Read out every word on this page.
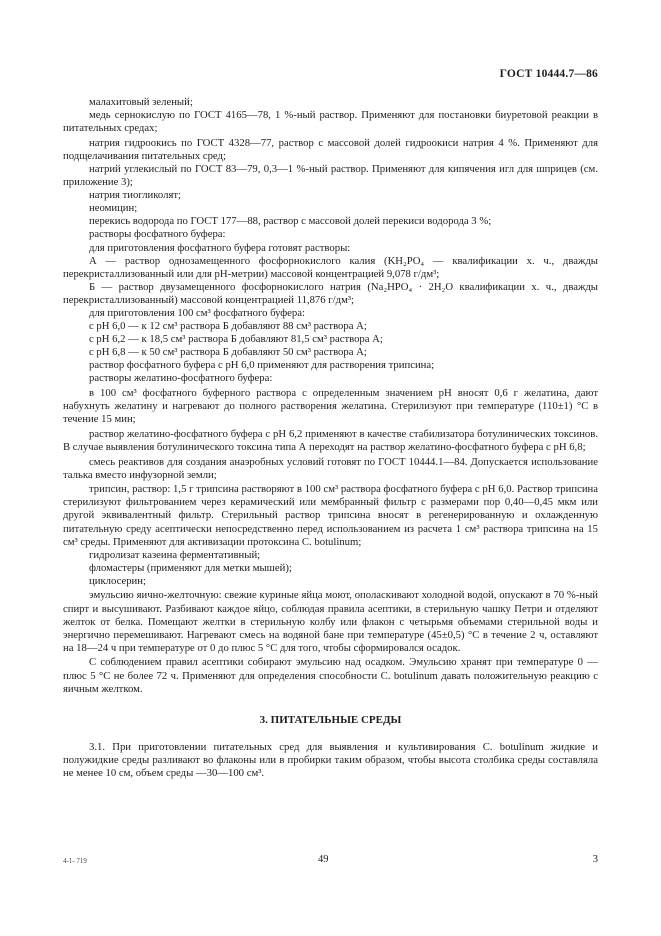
ГОСТ 10444.7—86

малахитовый зеленый;

медь сернокислую по ГОСТ 4165—78, 1 %-ный раствор. Применяют для постановки биуретовой реакции в питательных средах;

натрия гидроокись по ГОСТ 4328—77, раствор с массовой долей гидроокиси натрия 4 %. Применяют для подщелачивания питательных сред;

натрий углекислый по ГОСТ 83—79, 0,3—1 %-ный раствор. Применяют для кипячения игл для шприцев (см. приложение 3);

натрия тиогликолят;

неомицин;

перекись водорода по ГОСТ 177—88, раствор с массовой долей перекиси водорода 3 %;

растворы фосфатного буфера:

для приготовления фосфатного буфера готовят растворы:

А — раствор однозамещенного фосфорнокислого калия (KH₂PO₄ — квалификации х. ч., дважды перекристаллизованный или для pH-метрии) массовой концентрацией 9,078 г/дм³;

Б — раствор двузамещенного фосфорнокислого натрия (Na₂HPO₄ · 2H₂O квалификации х. ч., дважды перекристаллизованный) массовой концентрацией 11,876 г/дм³;

для приготовления 100 см³ фосфатного буфера:

с pH 6,0 — к 12 см³ раствора Б добавляют 88 см³ раствора А;

с pH 6,2 — к 18,5 см³ раствора Б добавляют 81,5 см³ раствора А;

с pH 6,8 — к 50 см³ раствора Б добавляют 50 см³ раствора А;

раствор фосфатного буфера с pH 6,0 применяют для растворения трипсина;

растворы желатино-фосфатного буфера:

в 100 см³ фосфатного буферного раствора с определенным значением pH вносят 0,6 г желатина, дают набухнуть желатину и нагревают до полного растворения желатина. Стерилизуют при температуре (110±1) °С в течение 15 мин;

раствор желатино-фосфатного буфера с pH 6,2 применяют в качестве стабилизатора ботулинических токсинов. В случае выявления ботулинического токсина типа А переходят на раствор желатино-фосфатного буфера с pH 6,8;

смесь реактивов для создания анаэробных условий готовят по ГОСТ 10444.1—84. Допускается использование талька вместо инфузорной земли;

трипсин, раствор: 1,5 г трипсина растворяют в 100 см³ раствора фосфатного буфера с pH 6,0. Раствор трипсина стерилизуют фильтрованием через керамический или мембранный фильтр с размерами пор 0,40—0,45 мкм или другой эквивалентный фильтр. Стерильный раствор трипсина вносят в регенерированную и охлажденную питательную среду асептически непосредственно перед использованием из расчета 1 см³ раствора трипсина на 15 см³ среды. Применяют для активизации протоксина C. botulinum;

гидролизат казеина ферментативный;

фломастеры (применяют для метки мышей);

циклосерин;

эмульсию яично-желточную: свежие куриные яйца моют, ополаскивают холодной водой, опускают в 70 %-ный спирт и высушивают. Разбивают каждое яйцо, соблюдая правила асептики, в стерильную чашку Петри и отделяют желток от белка. Помещают желтки в стерильную колбу или флакон с четырьмя объемами стерильной воды и энергично перемешивают. Нагревают смесь на водяной бане при температуре (45±0,5) °С в течение 2 ч, оставляют на 18—24 ч при температуре от 0 до плюс 5 °С для того, чтобы сформировался осадок.

С соблюдением правил асептики собирают эмульсию над осадком. Эмульсию хранят при температуре 0 — плюс 5 °С не более 72 ч. Применяют для определения способности C. botulinum давать положительную реакцию с яичным желтком.

3. ПИТАТЕЛЬНЫЕ СРЕДЫ

3.1. При приготовлении питательных сред для выявления и культивирования C. botulinum жидкие и полужидкие среды разливают во флаконы или в пробирки таким образом, чтобы высота столбика среды составляла не менее 10 см, объем среды —30—100 см³.

4-1- 719	49	3
